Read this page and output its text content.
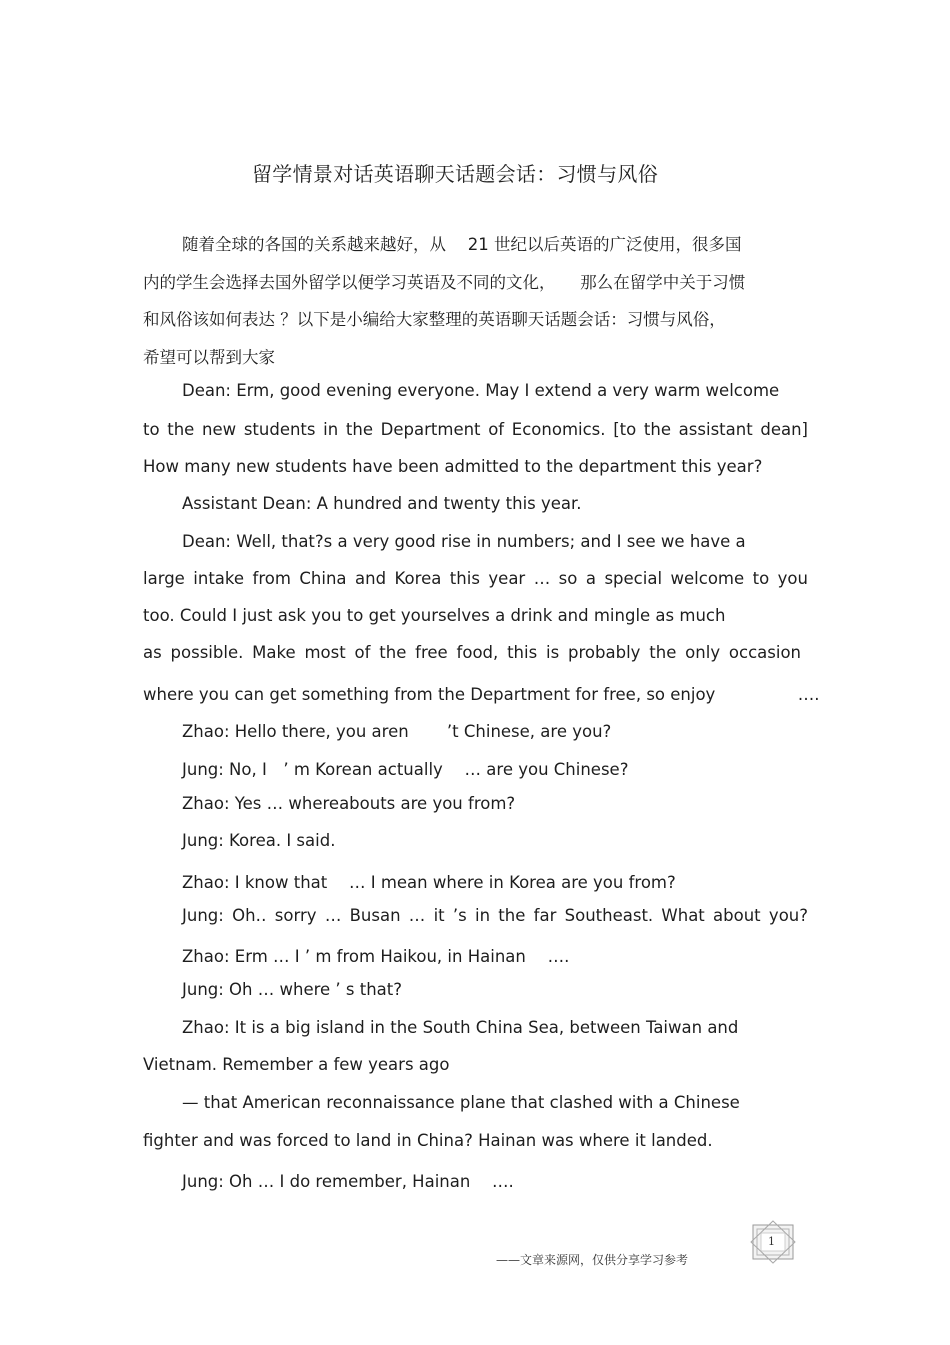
留学情景对话英语聊天话题会话：习惯与风俗
随着全球的各国的关系越来越好，从　 21 世纪以后英语的广泛使用，很多国
内的学生会选择去国外留学以便学习英语及不同的文化，　　那么在留学中关于习惯
和风俗该如何表达 ？以下是小编给大家整理的英语聊天话题会话：习惯与风俗，
希望可以帮到大家
Dean: Erm, good evening everyone. May I extend a very warm welcome
to the new students in the Department of Economics. [to the assistant dean]
How many new students have been admitted to the department this year?
Assistant Dean: A hundred and twenty this year.
Dean: Well, that?s a very good rise in numbers; and I see we have a
large intake from China and Korea this year … so a special welcome to you
too. Could I just ask you to get yourselves a drink and mingle as much
as possible. Make most of the free food, this is probably the only occasion
where you can get something from the Department for free, so enjoy　　　　　….
Zhao: Hello there, you aren　　 ’t Chinese, are you?
Jung: No, I　’ m Korean actually　 … are you Chinese?
Zhao: Yes … whereabouts are you from?
Jung: Korea. I said.
Zhao: I know that　 … I mean where in Korea are you from?
Jung: Oh‥ sorry … Busan … it ’s in the far Southeast. What about you?
Zhao: Erm … I ’ m from Haikou, in Hainan　 ….
Jung: Oh … where ’ s that?
Zhao: It is a big island in the South China Sea, between Taiwan and
Vietnam. Remember a few years ago
— that American reconnaissance plane that clashed with a Chinese
fighter and was forced to land in China? Hainan was where it landed.
Jung: Oh … I do remember, Hainan　 ….
1
——文章来源网，仅供分享学习参考
